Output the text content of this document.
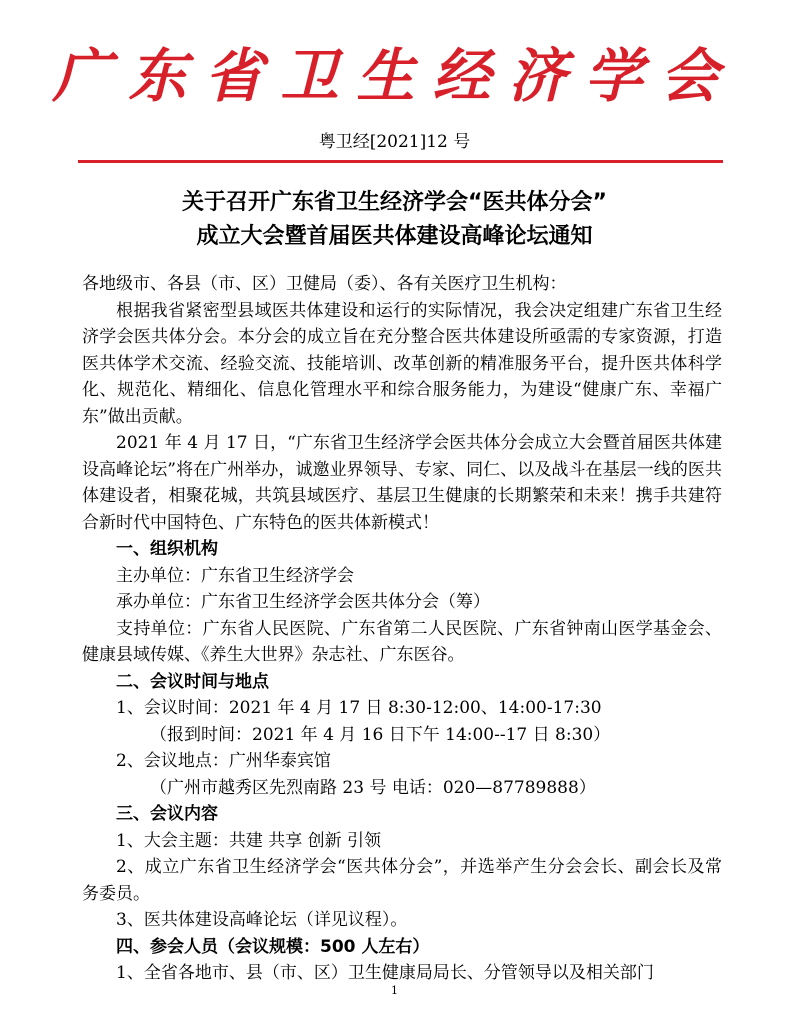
广东省卫生经济学会
粤卫经[2021]12 号
关于召开广东省卫生经济学会“医共体分会”
成立大会暨首届医共体建设高峰论坛通知

各地级市、各县（市、区）卫健局（委）、各有关医疗卫生机构：

根据我省紧密型县域医共体建设和运行的实际情况，我会决定组建广东省卫生经济学会医共体分会。本分会的成立旨在充分整合医共体建设所亟需的专家资源，打造医共体学术交流、经验交流、技能培训、改革创新的精准服务平台，提升医共体科学化、规范化、精细化、信息化管理水平和综合服务能力，为建设“健康广东、幸福广东”做出贡献。

2021 年 4 月 17 日，“广东省卫生经济学会医共体分会成立大会暨首届医共体建设高峰论坛”将在广州举办，诚邀业界领导、专家、同仁、以及战斗在基层一线的医共体建设者，相聚花城，共筑县域医疗、基层卫生健康的长期繁荣和未来！携手共建符合新时代中国特色、广东特色的医共体新模式！

一、组织机构

主办单位：广东省卫生经济学会

承办单位：广东省卫生经济学会医共体分会（筹）

支持单位：广东省人民医院、广东省第二人民医院、广东省钟南山医学基金会、健康县域传媒、《养生大世界》杂志社、广东医谷。

二、会议时间与地点

1、会议时间：2021 年 4 月 17 日 8:30-12:00、14:00-17:30

（报到时间：2021 年 4 月 16 日下午 14:00--17 日 8:30）

2、会议地点：广州华泰宾馆

（广州市越秀区先烈南路 23 号 电话：020—87789888）

三、会议内容

1、大会主题：共建 共享 创新 引领

2、成立广东省卫生经济学会“医共体分会”，并选举产生分会会长、副会长及常务委员。

3、医共体建设高峰论坛（详见议程）。

四、参会人员（会议规模：500 人左右）

1、全省各地市、县（市、区）卫生健康局局长、分管领导以及相关部门

1
